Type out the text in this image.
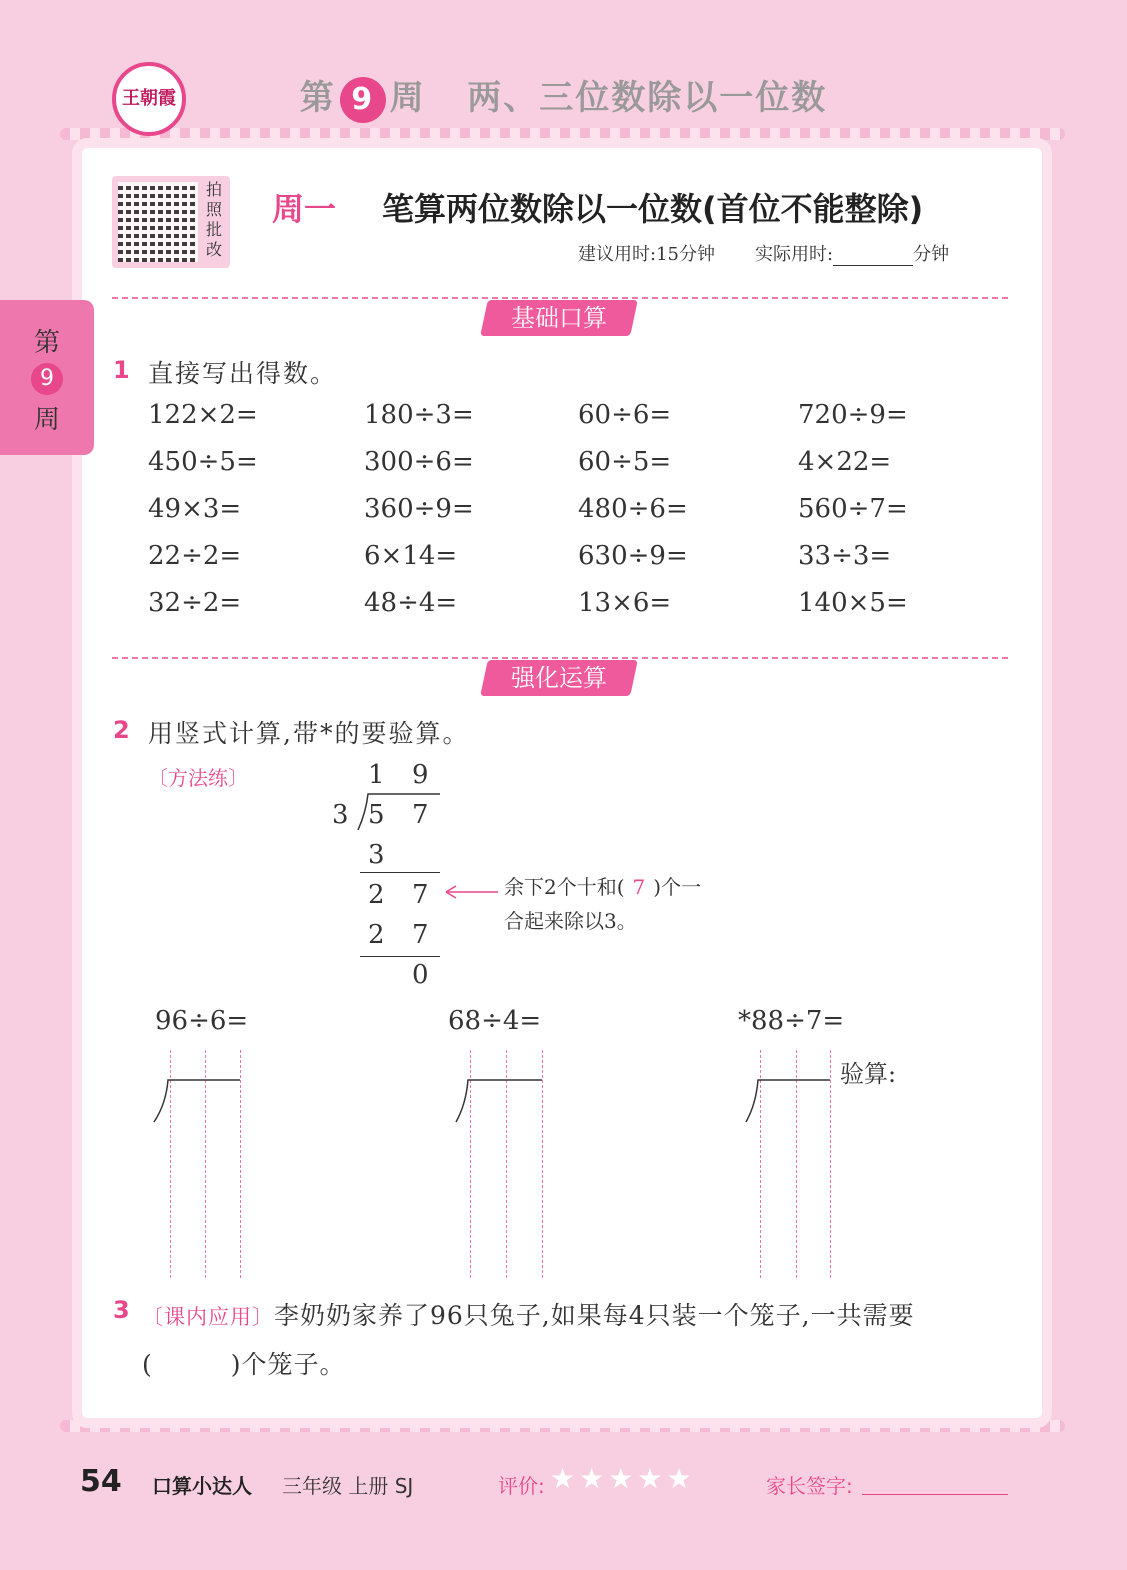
王朝霞	第 9 周 两、三位数除以一位数
第
9
周
拍照批改
周一 笔算两位数除以一位数(首位不能整除)
建议用时:15分钟 实际用时:	分钟
基础口算
1 直接写出得数。
122×2=	180÷3=	60÷6=	720÷9=
450÷5=	300÷6=	60÷5=	4×22=
49×3=	360÷9=	480÷6=	560÷7=
22÷2=	6×14=	630÷9=	33÷3=
32÷2=	48÷4=	13×6=	140×5=
强化运算
2 用竖式计算,带*的要验算。
〔方法练〕	1 9
3 5 7
3
2 7
2 7
0
余下2个十和( 7 )个一
合起来除以3。
96÷6=	68÷4=	*88÷7=
验算:
3 〔课内应用〕李奶奶家养了96只兔子,如果每4只装一个笼子,一共需要
(　　　)个笼子。
54 口算小达人 三年级 上册 SJ	评价: ★ ★ ★ ★ ★	家长签字:
